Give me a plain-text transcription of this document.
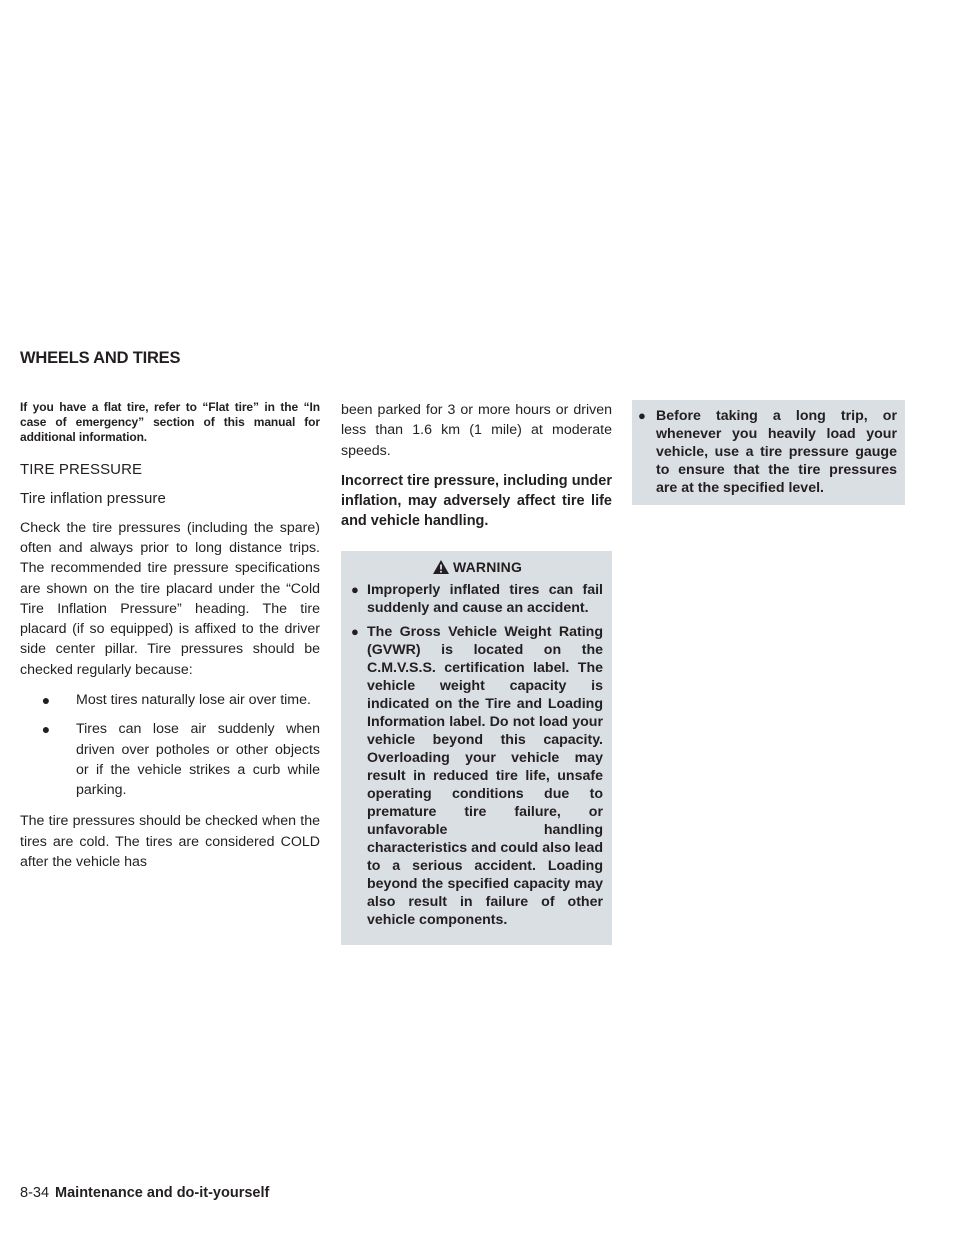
WHEELS AND TIRES

If you have a flat tire, refer to “Flat tire” in the “In case of emergency” section of this manual for additional information.

TIRE PRESSURE
Tire inflation pressure

Check the tire pressures (including the spare) often and always prior to long distance trips. The recommended tire pressure specifications are shown on the tire placard under the “Cold Tire Inflation Pressure” heading. The tire placard (if so equipped) is affixed to the driver side center pillar. Tire pressures should be checked regularly because:

● Most tires naturally lose air over time.
● Tires can lose air suddenly when driven over potholes or other objects or if the vehicle strikes a curb while parking.

The tire pressures should be checked when the tires are cold. The tires are considered COLD after the vehicle has

been parked for 3 or more hours or driven less than 1.6 km (1 mile) at moderate speeds.

Incorrect tire pressure, including under inflation, may adversely affect tire life and vehicle handling.

WARNING
● Improperly inflated tires can fail suddenly and cause an accident.
● The Gross Vehicle Weight Rating (GVWR) is located on the C.M.V.S.S. certification label. The vehicle weight capacity is indicated on the Tire and Loading Information label. Do not load your vehicle beyond this capacity. Overloading your vehicle may result in reduced tire life, unsafe operating conditions due to premature tire failure, or unfavorable handling characteristics and could also lead to a serious accident. Loading beyond the specified capacity may also result in failure of other vehicle components.
● Before taking a long trip, or whenever you heavily load your vehicle, use a tire pressure gauge to ensure that the tire pressures are at the specified level.
8-34 Maintenance and do-it-yourself
